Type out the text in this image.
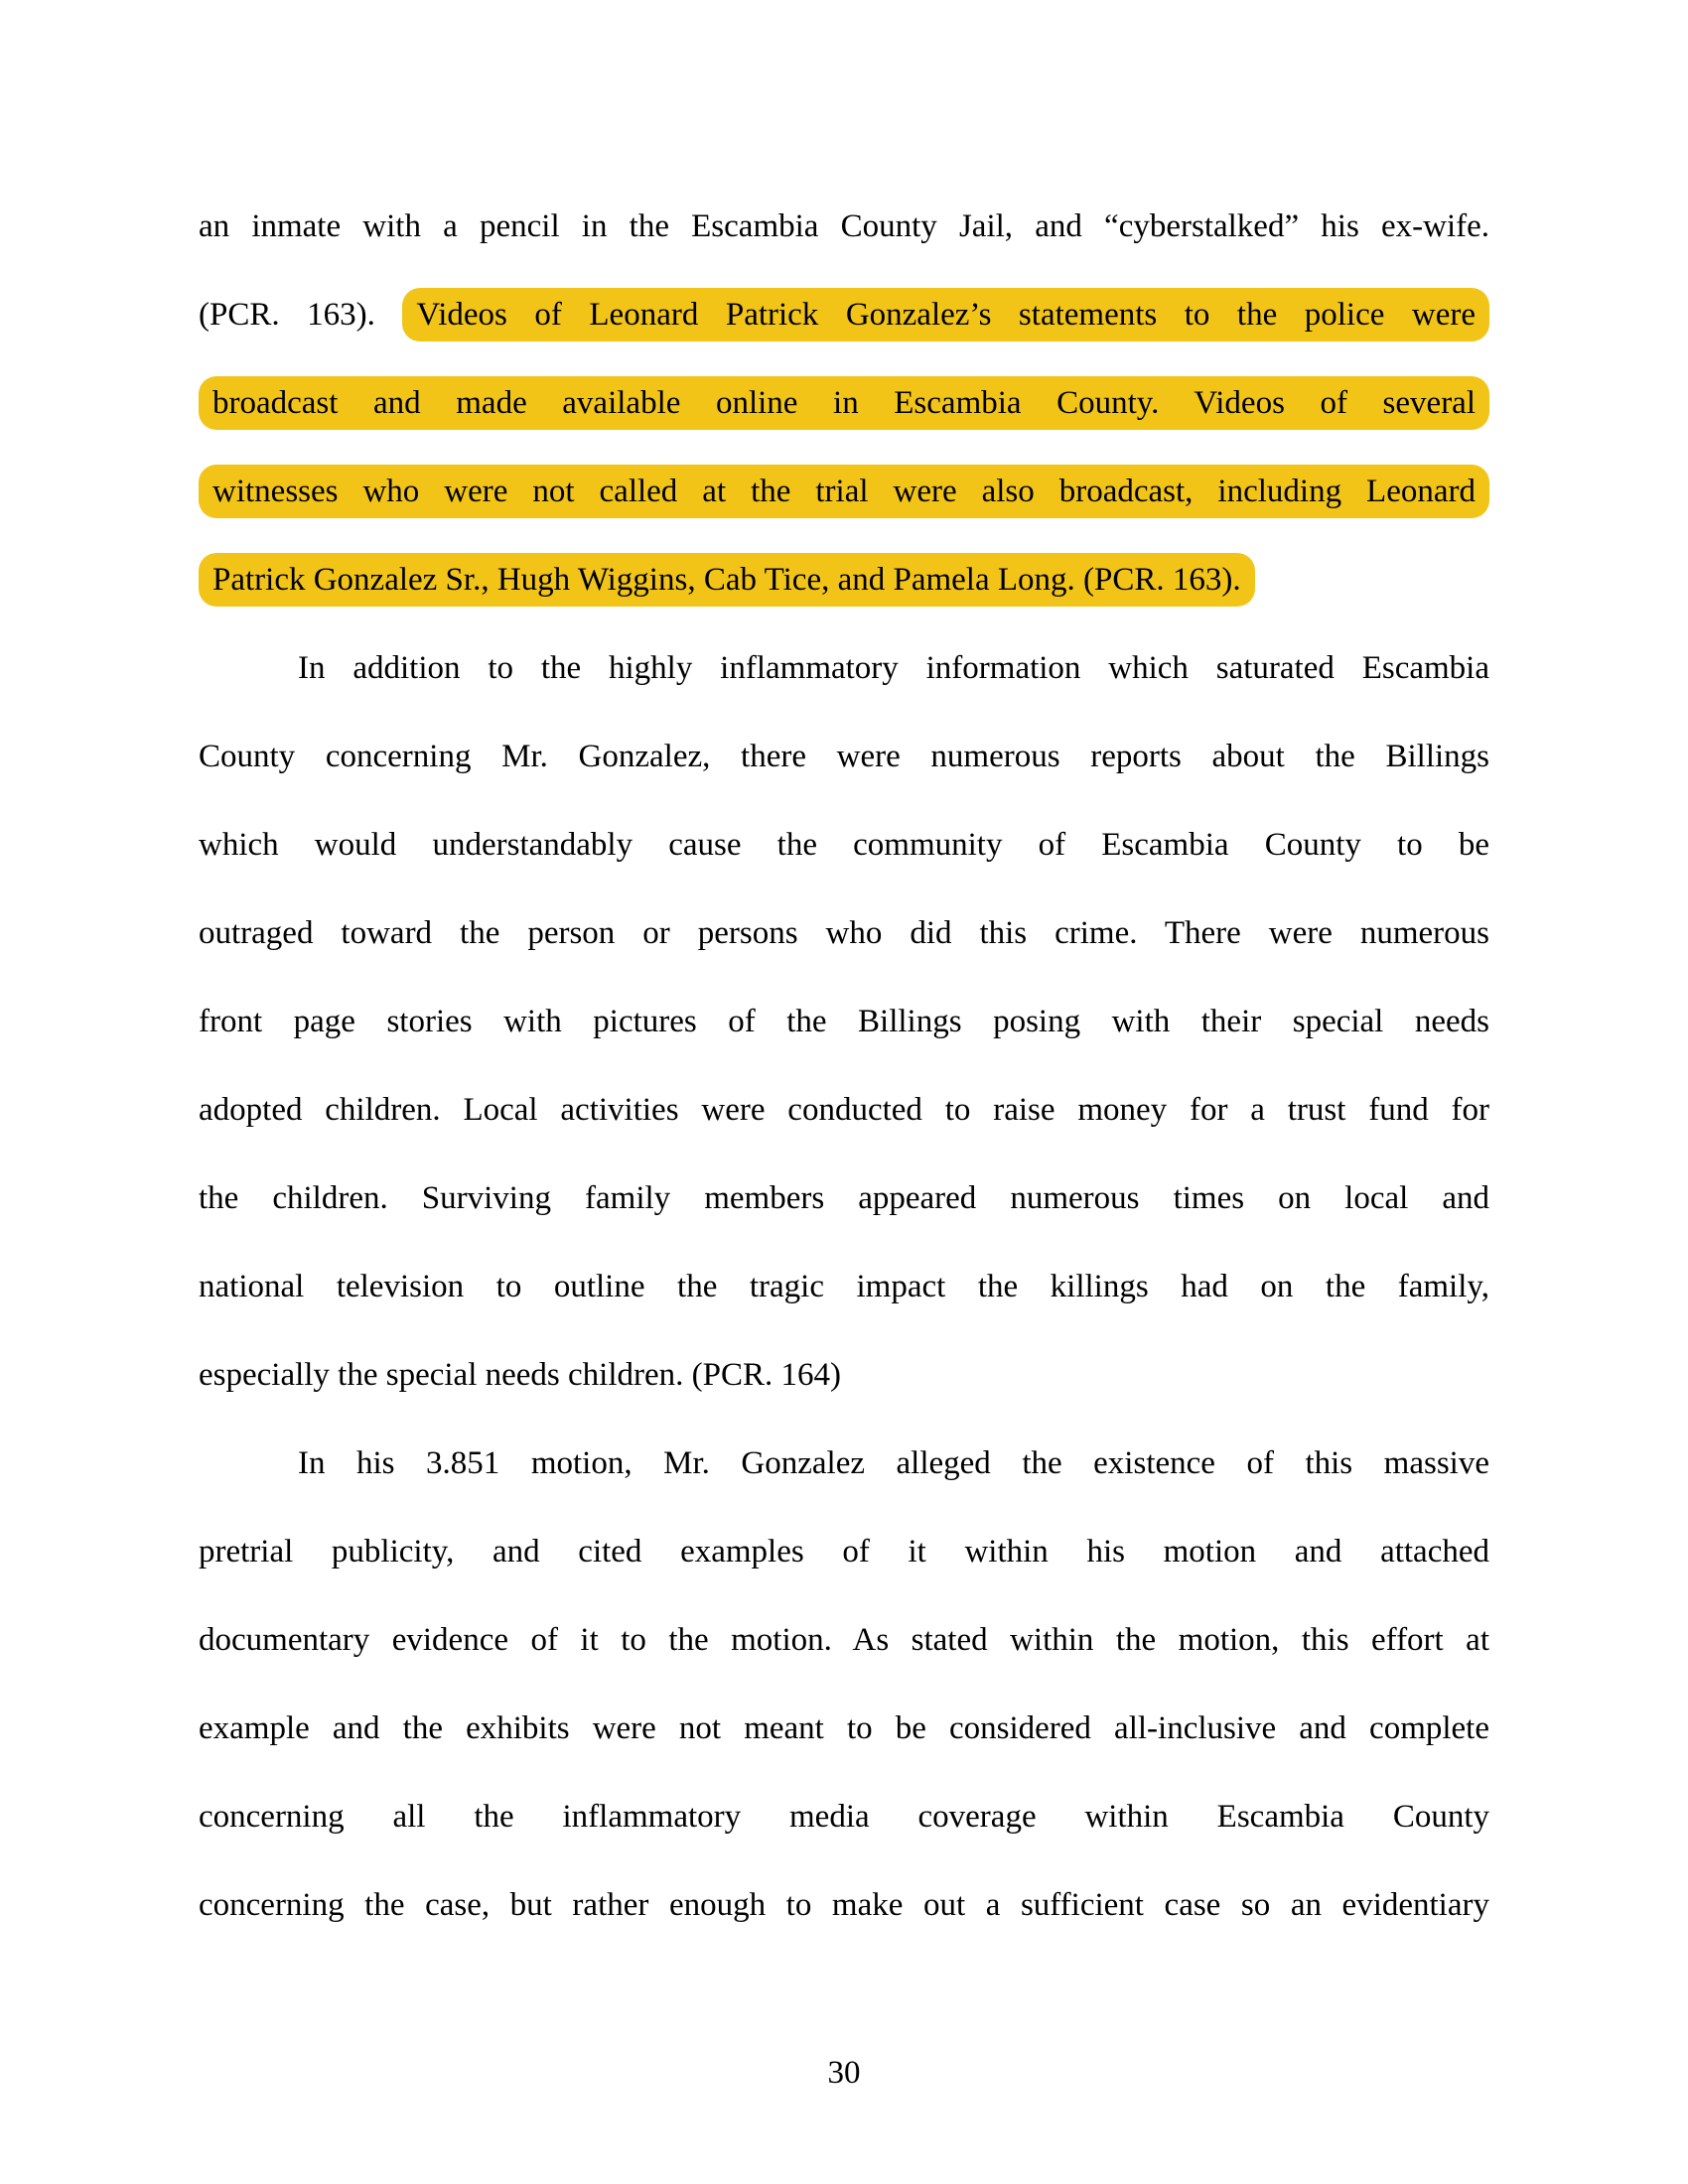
an inmate with a pencil in the Escambia County Jail, and “cyberstalked” his ex-wife.
(PCR. 163). Videos of Leonard Patrick Gonzalez’s statements to the police were
broadcast and made available online in Escambia County. Videos of several
witnesses who were not called at the trial were also broadcast, including Leonard
Patrick Gonzalez Sr., Hugh Wiggins, Cab Tice, and Pamela Long. (PCR. 163).
In addition to the highly inflammatory information which saturated Escambia
County concerning Mr. Gonzalez, there were numerous reports about the Billings
which would understandably cause the community of Escambia County to be
outraged toward the person or persons who did this crime. There were numerous
front page stories with pictures of the Billings posing with their special needs
adopted children. Local activities were conducted to raise money for a trust fund for
the children. Surviving family members appeared numerous times on local and
national television to outline the tragic impact the killings had on the family,
especially the special needs children. (PCR. 164)
In his 3.851 motion, Mr. Gonzalez alleged the existence of this massive
pretrial publicity, and cited examples of it within his motion and attached
documentary evidence of it to the motion. As stated within the motion, this effort at
example and the exhibits were not meant to be considered all-inclusive and complete
concerning all the inflammatory media coverage within Escambia County
concerning the case, but rather enough to make out a sufficient case so an evidentiary
30
